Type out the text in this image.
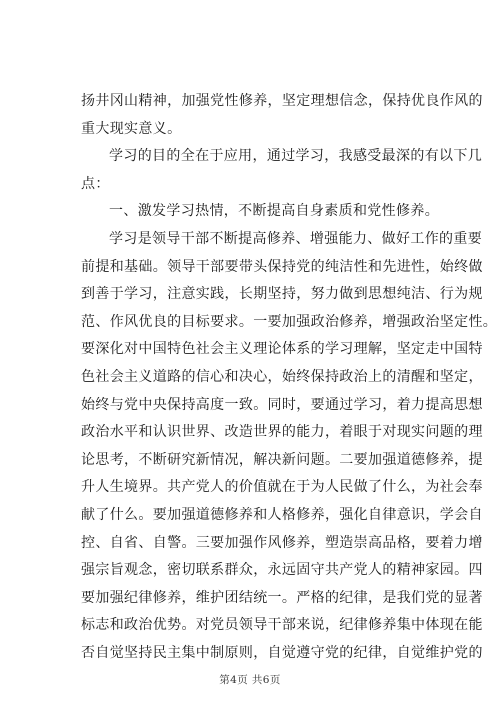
扬井冈山精神，加强党性修养，坚定理想信念，保持优良作风的
重大现实意义。
学习的目的全在于应用，通过学习，我感受最深的有以下几
点：
一、激发学习热情，不断提高自身素质和党性修养。
学习是领导干部不断提高修养、增强能力、做好工作的重要
前提和基础。领导干部要带头保持党的纯洁性和先进性，始终做
到善于学习，注意实践，长期坚持，努力做到思想纯洁、行为规
范、作风优良的目标要求。一要加强政治修养，增强政治坚定性。
要深化对中国特色社会主义理论体系的学习理解，坚定走中国特
色社会主义道路的信心和决心，始终保持政治上的清醒和坚定，
始终与党中央保持高度一致。同时，要通过学习，着力提高思想
政治水平和认识世界、改造世界的能力，着眼于对现实问题的理
论思考，不断研究新情况，解决新问题。二要加强道德修养，提
升人生境界。共产党人的价值就在于为人民做了什么，为社会奉
献了什么。要加强道德修养和人格修养，强化自律意识，学会自
控、自省、自警。三要加强作风修养，塑造崇高品格，要着力增
强宗旨观念，密切联系群众，永远固守共产党人的精神家园。四
要加强纪律修养，维护团结统一。严格的纪律，是我们党的显著
标志和政治优势。对党员领导干部来说，纪律修养集中体现在能
否自觉坚持民主集中制原则，自觉遵守党的纪律，自觉维护党的
第4页 共6页
